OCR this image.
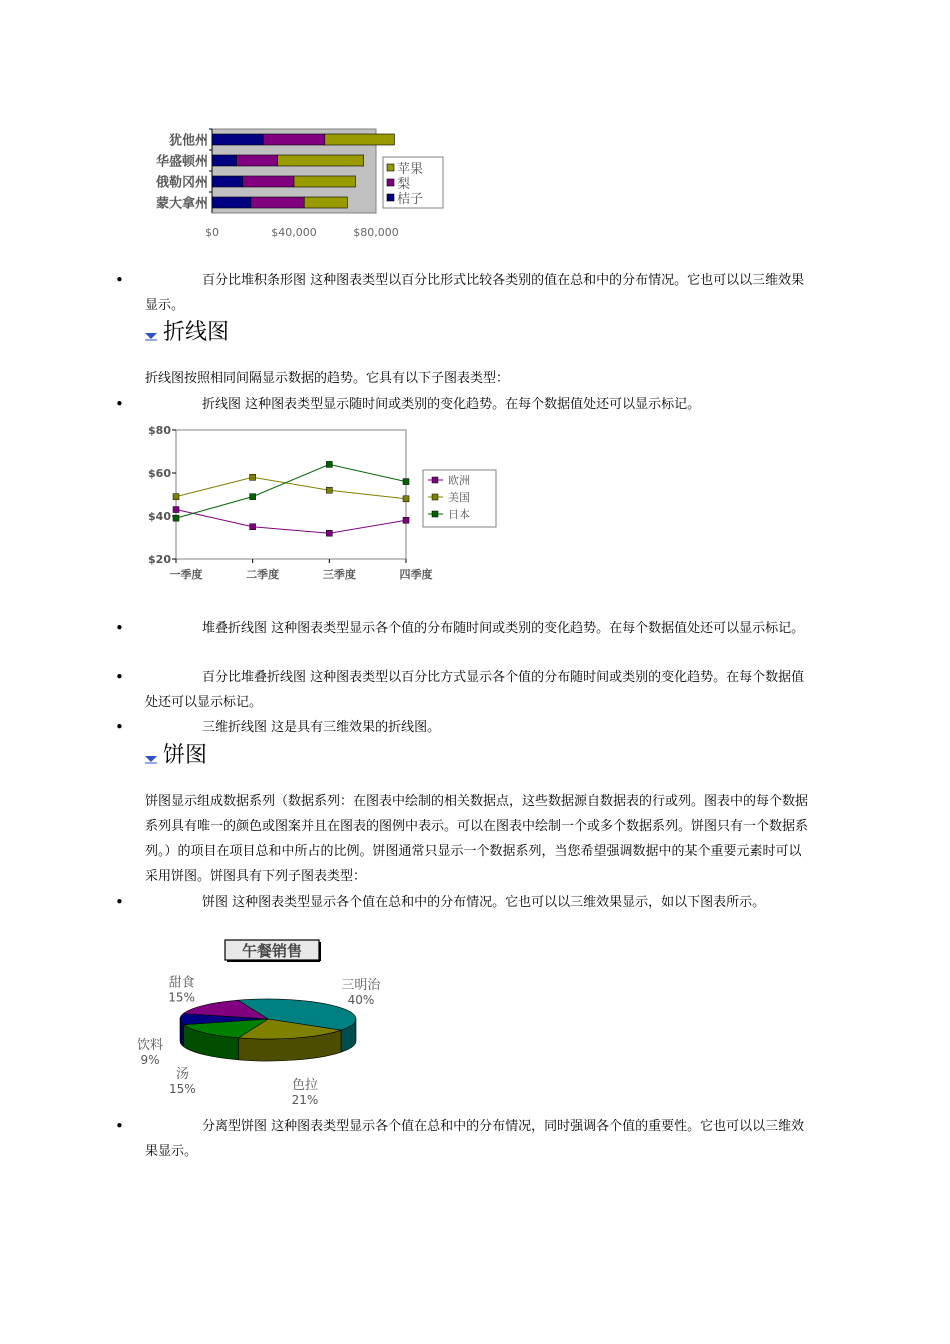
犹他州
华盛顿州
俄勒冈州
蒙大拿州
$0	$40,000	$80,000
苹果
梨
桔子
•	百分比堆积条形图 这种图表类型以百分比形式比较各类别的值在总和中的分布情况。它也可以以三维效果显示。
折线图
折线图按照相同间隔显示数据的趋势。它具有以下子图表类型：
•	折线图 这种图表类型显示随时间或类别的变化趋势。在每个数据值处还可以显示标记。
$80
$60
$40
$20
一季度	二季度	三季度	四季度
欧洲
美国
日本
•	堆叠折线图 这种图表类型显示各个值的分布随时间或类别的变化趋势。在每个数据值处还可以显示标记。
•	百分比堆叠折线图 这种图表类型以百分比方式显示各个值的分布随时间或类别的变化趋势。在每个数据值处还可以显示标记。
•	三维折线图 这是具有三维效果的折线图。
饼图
饼图显示组成数据系列（数据系列：在图表中绘制的相关数据点，这些数据源自数据表的行或列。图表中的每个数据系列具有唯一的颜色或图案并且在图表的图例中表示。可以在图表中绘制一个或多个数据系列。饼图只有一个数据系列。）的项目在项目总和中所占的比例。饼图通常只显示一个数据系列，当您希望强调数据中的某个重要元素时可以采用饼图。饼图具有下列子图表类型：
•	饼图 这种图表类型显示各个值在总和中的分布情况。它也可以以三维效果显示，如以下图表所示。
午餐销售
三明治
40%
色拉
21%
汤
15%
饮料
9%
甜食
15%
•	分离型饼图 这种图表类型显示各个值在总和中的分布情况，同时强调各个值的重要性。它也可以以三维效果显示。
